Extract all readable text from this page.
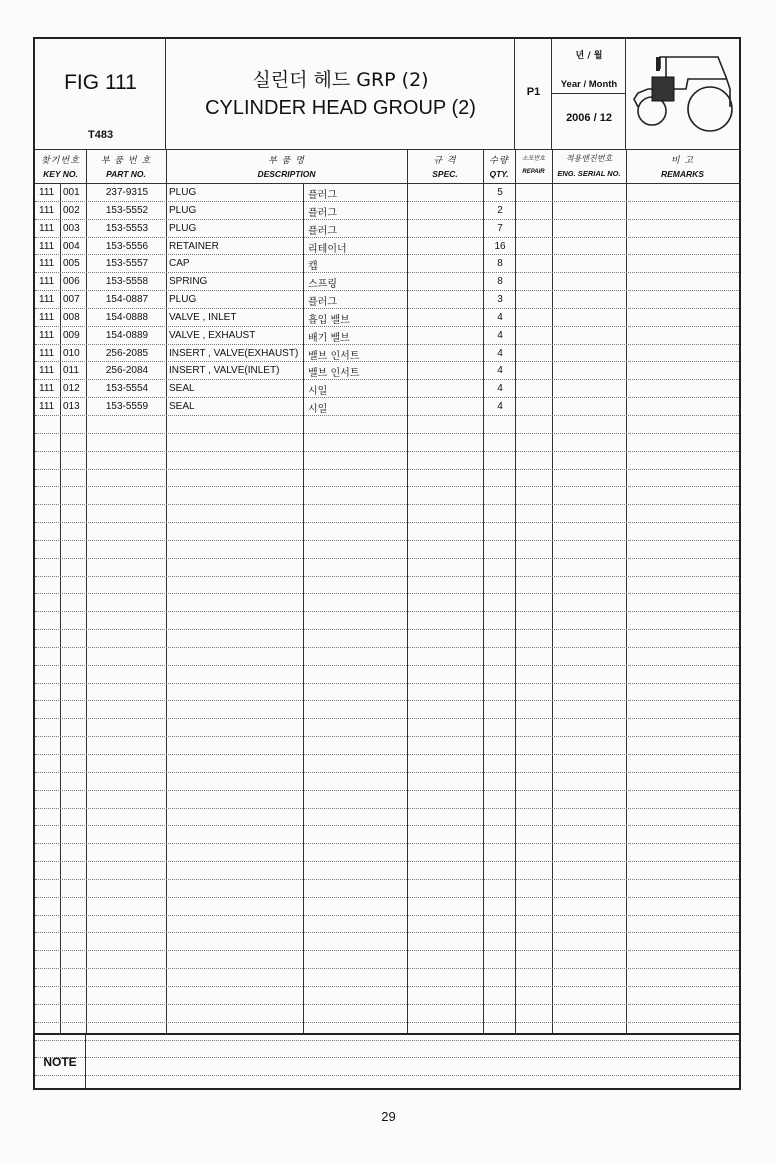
FIG 111
T483
실린더 헤드 GRP (2)
CYLINDER HEAD GROUP (2)
P1
년 / 월
Year / Month
2006 / 12
찾기번호
KEY NO.
부 품 번 호
PART NO.
부 품 명
DESCRIPTION
규 격
SPEC.
수량
QTY.
소모번호
REPAIR
적용엔진번호
ENG. SERIAL NO.
비 고
REMARKS
111 001	237-9315	PLUG	플러그	5
111 002	153-5552	PLUG	플러그	2
111 003	153-5553	PLUG	플러그	7
111 004	153-5556	RETAINER	리테이너	16
111 005	153-5557	CAP	캡	8
111 006	153-5558	SPRING	스프링	8
111 007	154-0887	PLUG	플러그	3
111 008	154-0888	VALVE , INLET	흡입 밸브	4
111 009	154-0889	VALVE , EXHAUST	배기 밸브	4
111 010	256-2085	INSERT , VALVE(EXHAUST) 밸브 인서트	4
111 011	256-2084	INSERT , VALVE(INLET)	밸브 인서트	4
111 012	153-5554	SEAL	시일	4
111 013	153-5559	SEAL	시일	4
NOTE
29
